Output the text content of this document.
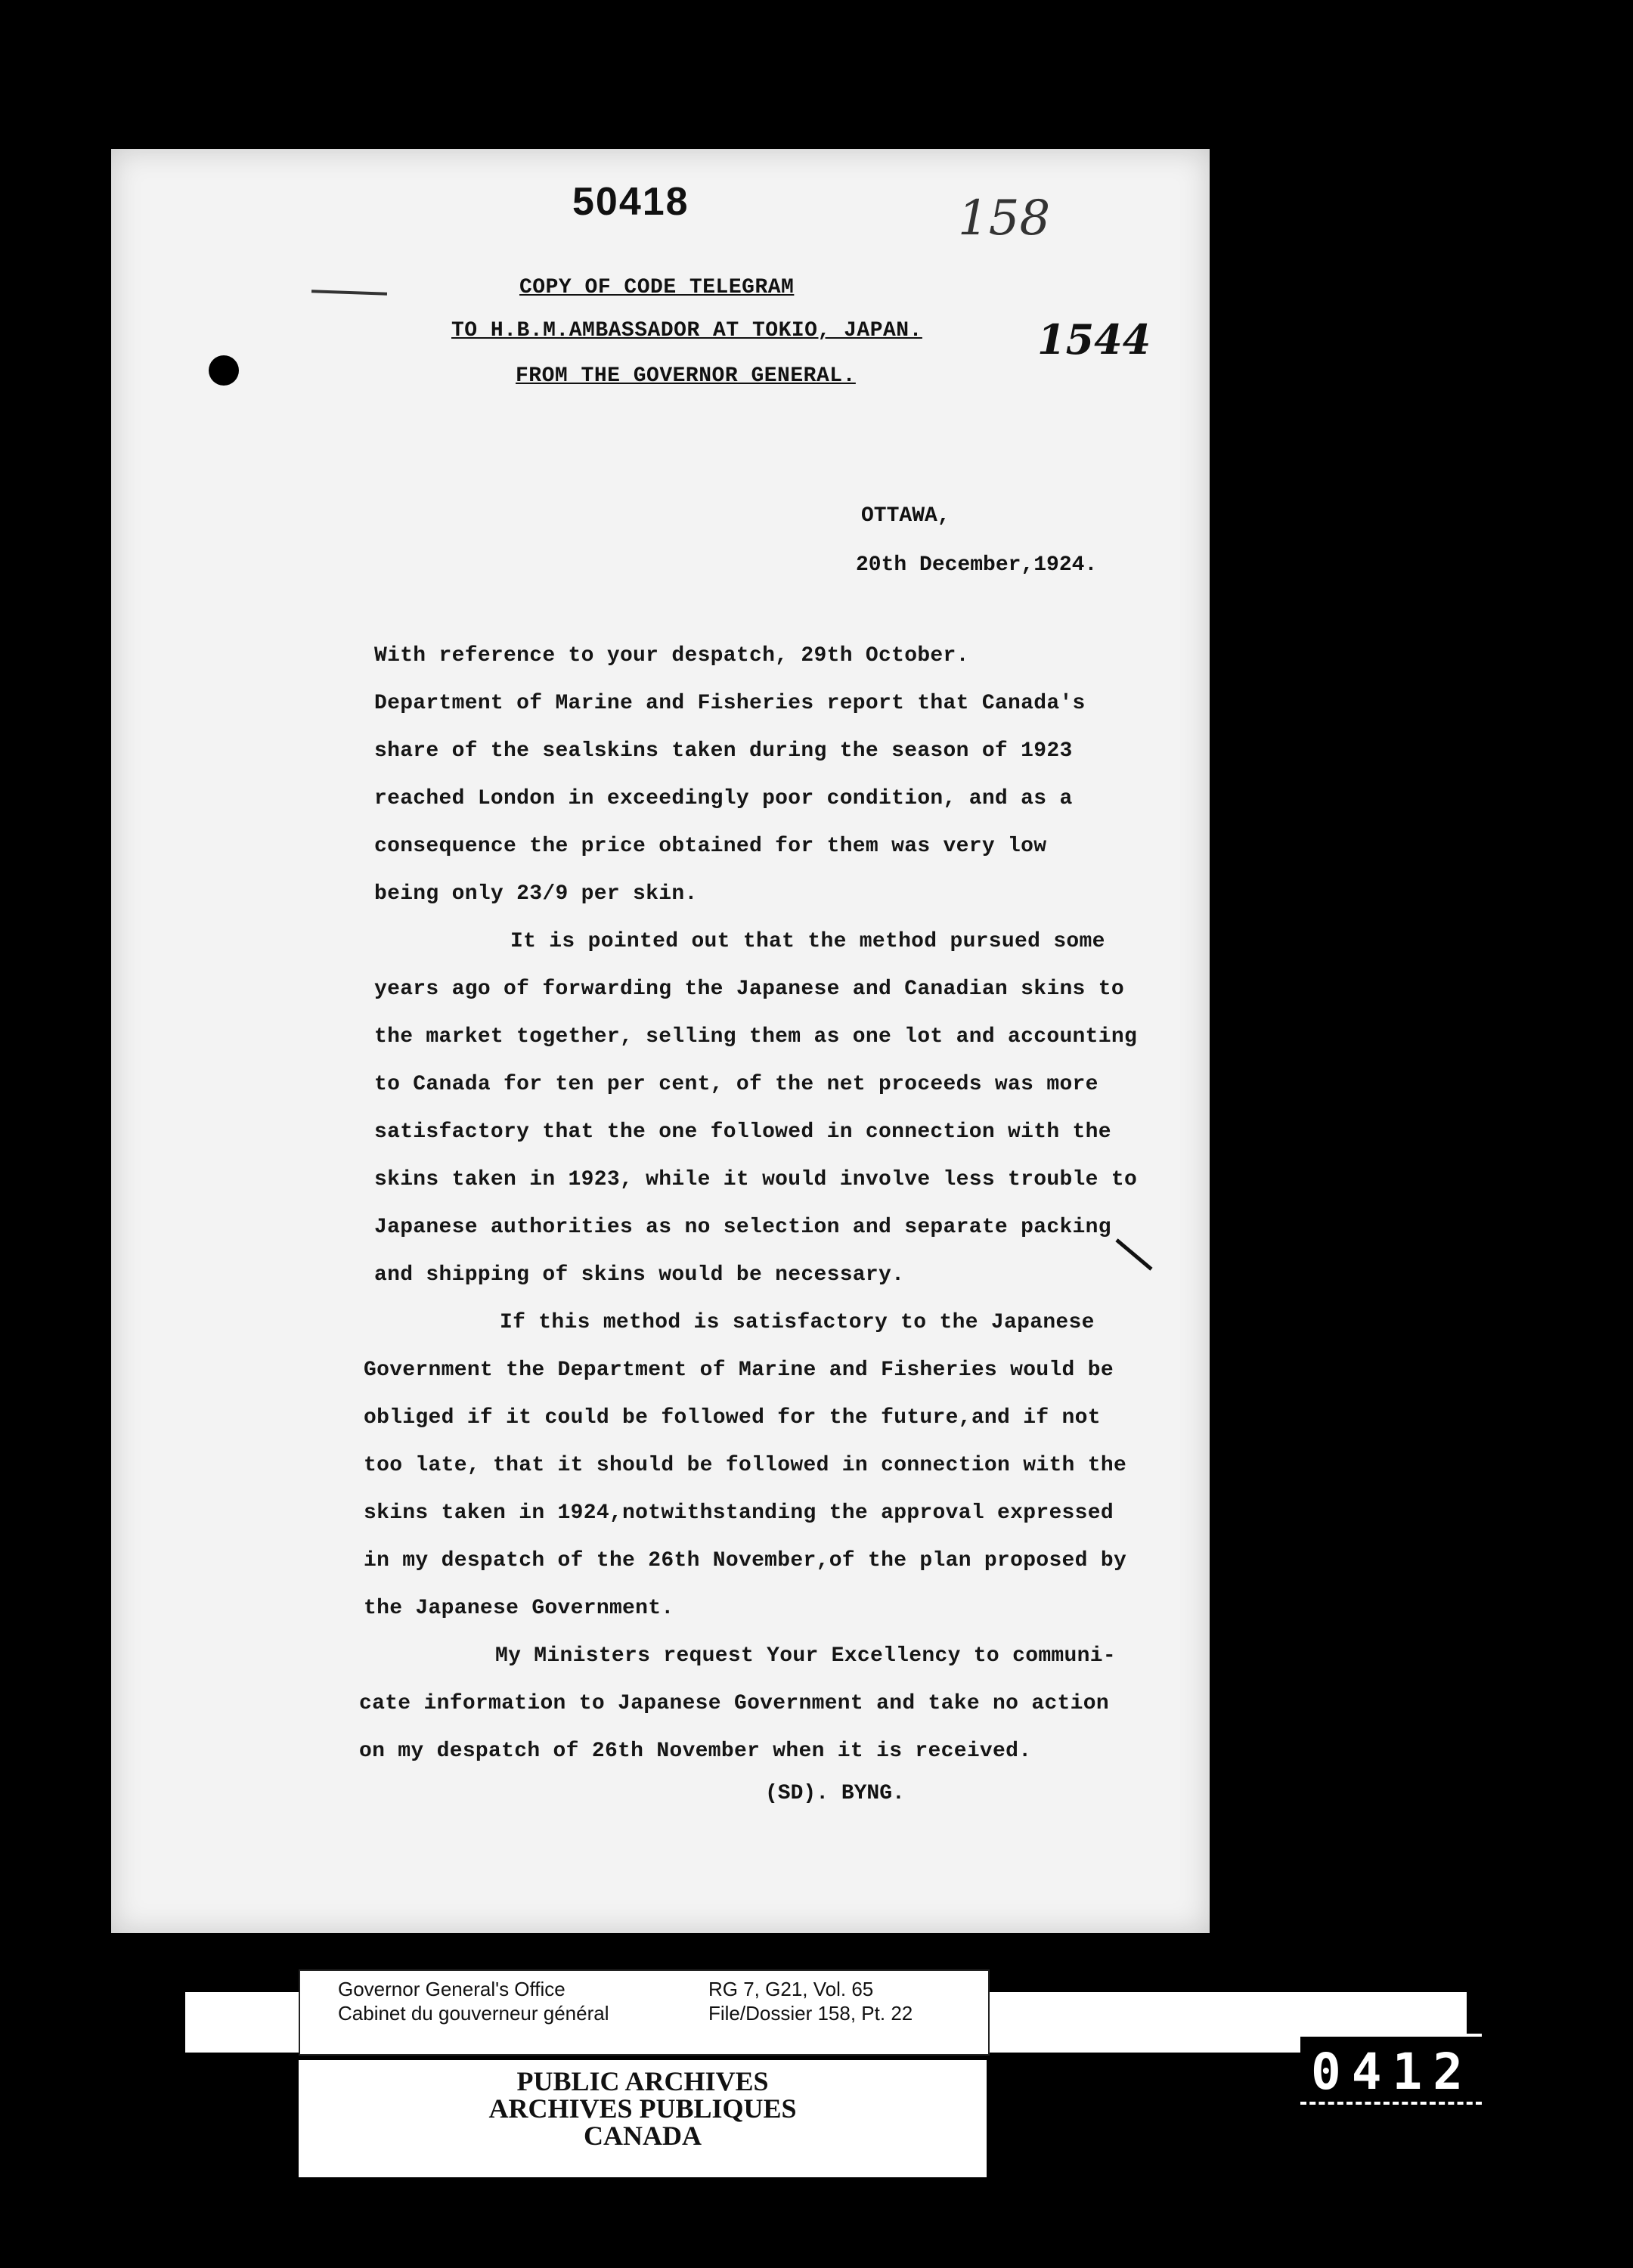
50418	158
COPY OF CODE TELEGRAM
TO H.B.M.AMBASSADOR AT TOKIO, JAPAN.
FROM THE GOVERNOR GENERAL.
1544
OTTAWA,
20th December,1924.
With reference to your despatch, 29th October.
Department of Marine and Fisheries report that Canada's
share of the sealskins taken during the season of 1923
reached London in exceedingly poor condition, and as a
consequence the price obtained for them was very low
being only 23/9 per skin.
It is pointed out that the method pursued some
years ago of forwarding the Japanese and Canadian skins to
the market together, selling them as one lot and accounting
to Canada for ten per cent, of the net proceeds was more
satisfactory that the one followed in connection with the
skins taken in 1923, while it would involve less trouble to
Japanese authorities as no selection and separate packing
and shipping of skins would be necessary.
If this method is satisfactory to the Japanese
Government the Department of Marine and Fisheries would be
obliged if it could be followed for the future,and if not
too late, that it should be followed in connection with the
skins taken in 1924,notwithstanding the approval expressed
in my despatch of the 26th November,of the plan proposed by
the Japanese Government.
My Ministers request Your Excellency to communi-
cate information to Japanese Government and take no action
on my despatch of 26th November when it is received.
(SD). BYNG.
Governor General's Office
Cabinet du gouverneur général
RG 7, G21, Vol. 65
File/Dossier 158, Pt. 22
PUBLIC ARCHIVES
ARCHIVES PUBLIQUES
CANADA
0412
